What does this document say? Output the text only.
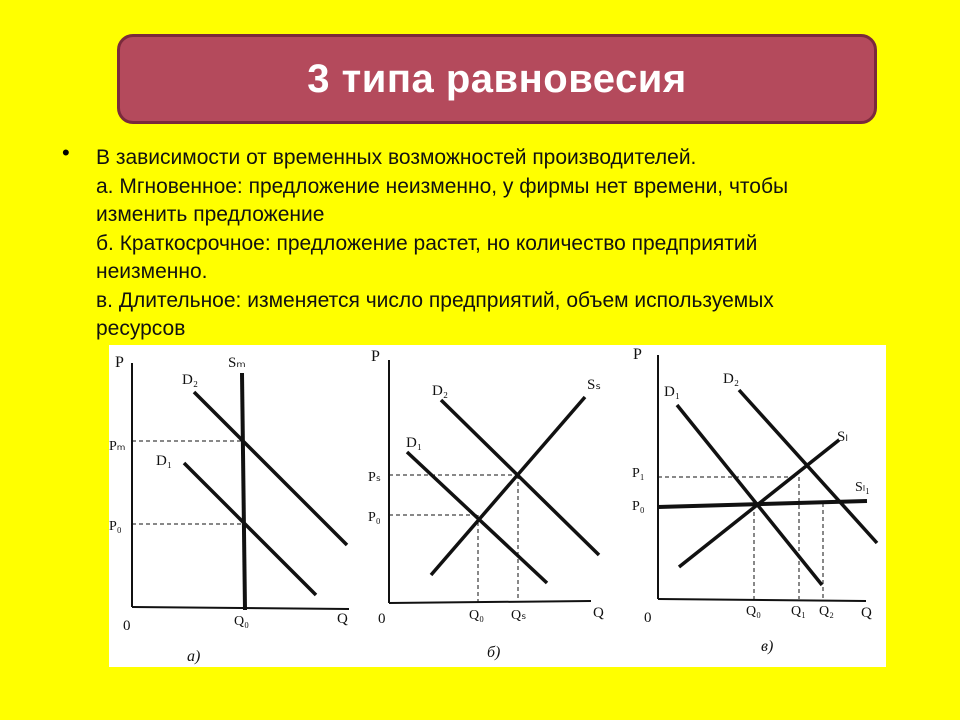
3 типа равновесия
• В зависимости от временных возможностей производителей.
а. Мгновенное: предложение неизменно, у фирмы нет времени, чтобы
изменить предложение
б. Краткосрочное: предложение растет, но количество предприятий
неизменно.
в. Длительное: изменяется число предприятий, объем используемых
ресурсов
P	Sₘ
D₂
D₁
Pₘ
P₀
0	Q₀	Q
а)
P
D₂	Sₛ
D₁
Pₛ
P₀
0	Q₀ Qₛ	Q
б)
P
D₁
D₂
Sₗ
Sₗ₁
P₁
P₀
0	Q₀ Q₁ Q₂ Q
в)
